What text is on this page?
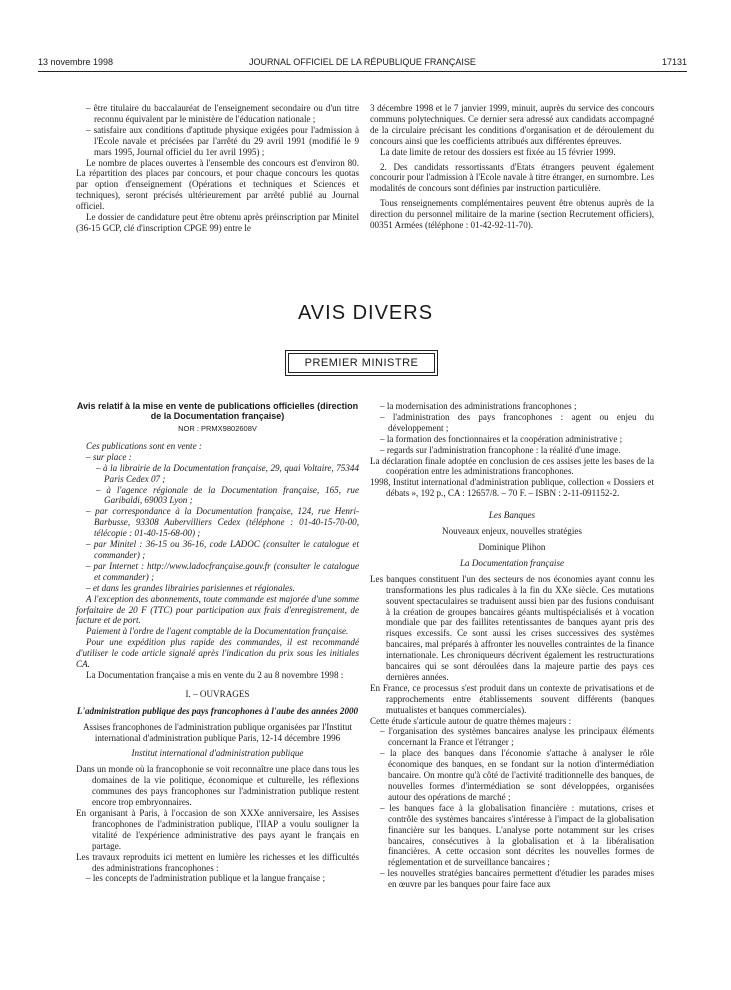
13 novembre 1998	JOURNAL OFFICIEL DE LA RÉPUBLIQUE FRANÇAISE	17131

– être titulaire du baccalauréat de l'enseignement secondaire ou d'un titre reconnu équivalent par le ministère de l'éducation nationale ;

– satisfaire aux conditions d'aptitude physique exigées pour l'admission à l'Ecole navale et précisées par l'arrêté du 29 avril 1991 (modifié le 9 mars 1995, Journal officiel du 1er avril 1995) ;

Le nombre de places ouvertes à l'ensemble des concours est d'environ 80. La répartition des places par concours, et pour chaque concours les quotas par option d'enseignement (Opérations et techniques et Sciences et techniques), seront précisés ultérieurement par arrêté publié au Journal officiel.

Le dossier de candidature peut être obtenu après préinscription par Minitel (36-15 GCP, clé d'inscription CPGE 99) entre le

3 décembre 1998 et le 7 janvier 1999, minuit, auprès du service des concours communs polytechniques. Ce dernier sera adressé aux candidats accompagné de la circulaire précisant les conditions d'organisation et de déroulement du concours ainsi que les coefficients attribués aux différentes épreuves.

La date limite de retour des dossiers est fixée au 15 février 1999.

2. Des candidats ressortissants d'Etats étrangers peuvent également concourir pour l'admission à l'Ecole navale à titre étranger, en surnombre. Les modalités de concours sont définies par instruction particulière.

Tous renseignements complémentaires peuvent être obtenus auprès de la direction du personnel militaire de la marine (section Recrutement officiers), 00351 Armées (téléphone : 01-42-92-11-70).

AVIS DIVERS
PREMIER MINISTRE

Avis relatif à la mise en vente de publications officielles (direction de la Documentation française)

NOR : PRMX9802608V

Ces publications sont en vente :

– sur place :

– à la librairie de la Documentation française, 29, quai Voltaire, 75344 Paris Cedex 07 ;

– à l'agence régionale de la Documentation française, 165, rue Garibaldi, 69003 Lyon ;

– par correspondance à la Documentation française, 124, rue Henri-Barbusse, 93308 Aubervilliers Cedex (téléphone : 01-40-15-70-00, télécopie : 01-40-15-68-00) ;

– par Minitel : 36-15 ou 36-16, code LADOC (consulter le catalogue et commander) ;

– par Internet : http://www.ladocfrançaise.gouv.fr (consulter le catalogue et commander) ;

– et dans les grandes librairies parisiennes et régionales.

A l'exception des abonnements, toute commande est majorée d'une somme forfaitaire de 20 F (TTC) pour participation aux frais d'enregistrement, de facture et de port.

Paiement à l'ordre de l'agent comptable de la Documentation française.

Pour une expédition plus rapide des commandes, il est recommandé d'utiliser le code article signalé après l'indication du prix sous les initiales CA.

La Documentation française a mis en vente du 2 au 8 novembre 1998 :

I. – OUVRAGES

L'administration publique des pays francophones à l'aube des années 2000

Assises francophones de l'administration publique organisées par l'Institut international d'administration publique Paris, 12-14 décembre 1996

Institut international d'administration publique

Dans un monde où la francophonie se voit reconnaître une place dans tous les domaines de la vie politique, économique et culturelle, les réflexions communes des pays francophones sur l'administration publique restent encore trop embryonnaires.

En organisant à Paris, à l'occasion de son XXXe anniversaire, les Assises francophones de l'administration publique, l'IIAP a voulu souligner la vitalité de l'expérience administrative des pays ayant le français en partage.

Les travaux reproduits ici mettent en lumière les richesses et les difficultés des administrations francophones :

– les concepts de l'administration publique et la langue française ;

– la modernisation des administrations francophones ;

– l'administration des pays francophones : agent ou enjeu du développement ;

– la formation des fonctionnaires et la coopération administrative ;

– regards sur l'administration francophone : la réalité d'une image.

La déclaration finale adoptée en conclusion de ces assises jette les bases de la coopération entre les administrations francophones.

1998, Institut international d'administration publique, collection « Dossiers et débats », 192 p., CA : 12657/8. – 70 F. – ISBN : 2-11-091152-2.

Les Banques

Nouveaux enjeux, nouvelles stratégies

Dominique Plihon

La Documentation française

Les banques constituent l'un des secteurs de nos économies ayant connu les transformations les plus radicales à la fin du XXe siècle. Ces mutations souvent spectaculaires se traduisent aussi bien par des fusions conduisant à la création de groupes bancaires géants multispécialisés et à vocation mondiale que par des faillites retentissantes de banques ayant pris des risques excessifs. Ce sont aussi les crises successives des systèmes bancaires, mal préparés à affronter les nouvelles contraintes de la finance internationale. Les chroniqueurs décrivent également les restructurations bancaires qui se sont déroulées dans la majeure partie des pays ces dernières années.

En France, ce processus s'est produit dans un contexte de privatisations et de rapprochements entre établissements souvent différents (banques mutualistes et banques commerciales).

Cette étude s'articule autour de quatre thèmes majeurs :

– l'organisation des systèmes bancaires analyse les principaux éléments concernant la France et l'étranger ;

– la place des banques dans l'économie s'attache à analyser le rôle économique des banques, en se fondant sur la notion d'intermédiation bancaire. On montre qu'à côté de l'activité traditionnelle des banques, de nouvelles formes d'intermédiation se sont développées, organisées autour des opérations de marché ;

– les banques face à la globalisation financière : mutations, crises et contrôle des systèmes bancaires s'intéresse à l'impact de la globalisation financière sur les banques. L'analyse porte notamment sur les crises bancaires, consécutives à la globalisation et à la libéralisation financières. A cette occasion sont décrites les nouvelles formes de réglementation et de surveillance bancaires ;

– les nouvelles stratégies bancaires permettent d'étudier les parades mises en œuvre par les banques pour faire face aux
